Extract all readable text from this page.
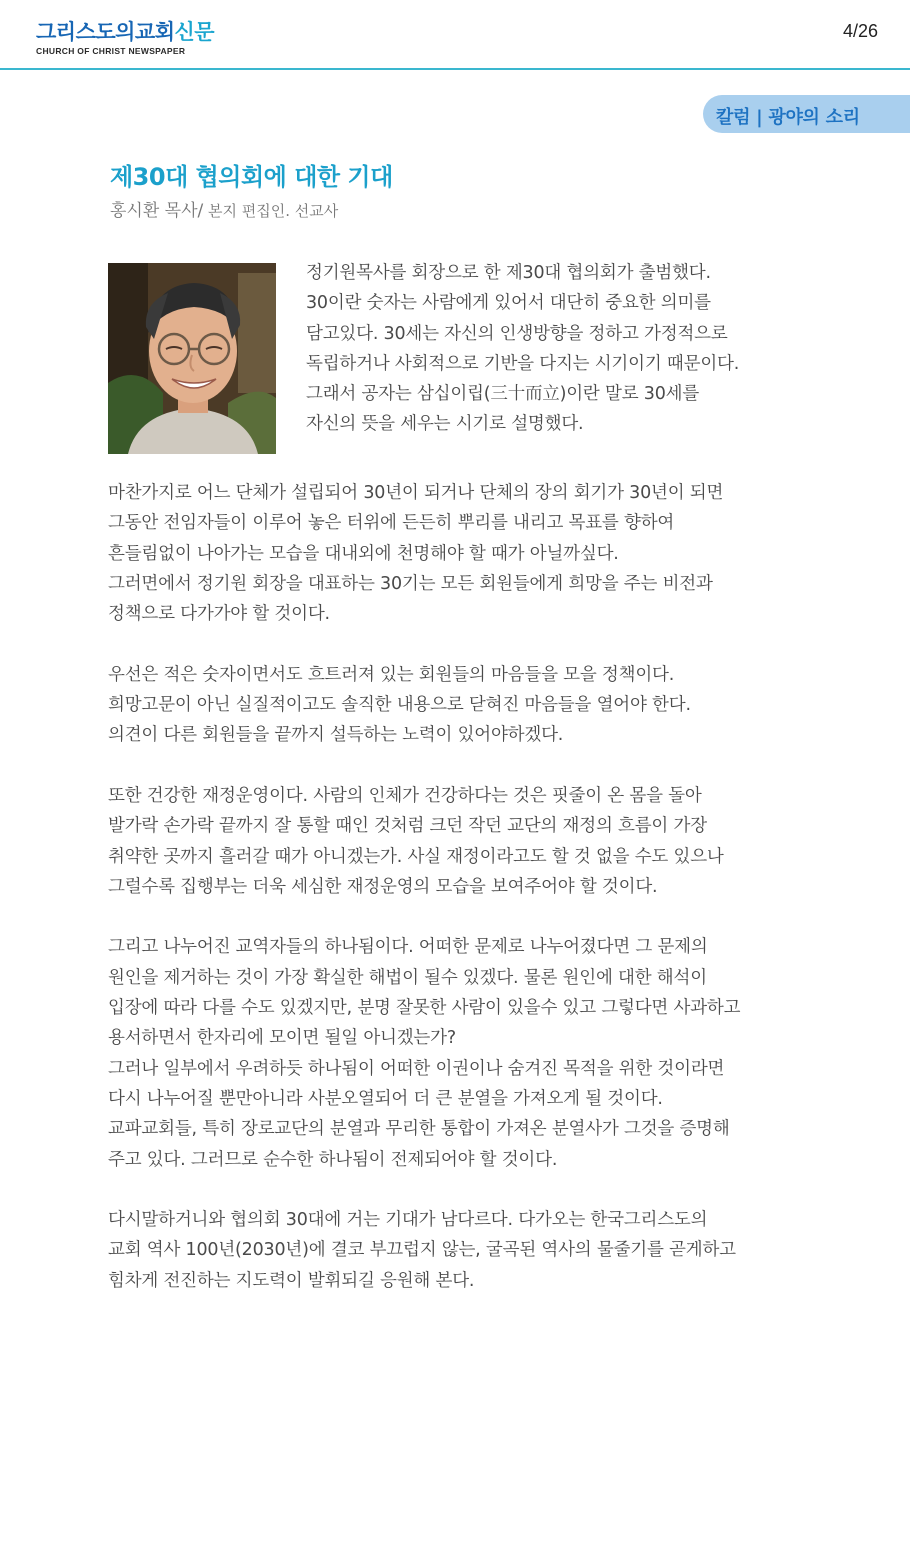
그리스도의교회신문
CHURCH OF CHRIST NEWSPAPER
4/26
칼럼 | 광야의 소리
제30대 협의회에 대한 기대
홍시환 목사/ 본지 편집인. 선교사
정기원목사를 회장으로 한 제30대 협의회가 출범했다.
30이란 숫자는 사람에게 있어서 대단히 중요한 의미를
담고있다. 30세는 자신의 인생방향을 정하고 가정적으로
독립하거나 사회적으로 기반을 다지는 시기이기 때문이다.
그래서 공자는 삼십이립(三十而立)이란 말로 30세를
자신의 뜻을 세우는 시기로 설명했다.
마찬가지로 어느 단체가 설립되어 30년이 되거나 단체의 장의 회기가 30년이 되면
그동안 전임자들이 이루어 놓은 터위에 든든히 뿌리를 내리고 목표를 향하여
흔들림없이 나아가는 모습을 대내외에 천명해야 할 때가 아닐까싶다.
그러면에서 정기원 회장을 대표하는 30기는 모든 회원들에게 희망을 주는 비전과
정책으로 다가가야 할 것이다.
우선은 적은 숫자이면서도 흐트러져 있는 회원들의 마음들을 모을 정책이다.
희망고문이 아닌 실질적이고도 솔직한 내용으로 닫혀진 마음들을 열어야 한다.
의견이 다른 회원들을 끝까지 설득하는 노력이 있어야하겠다.
또한 건강한 재정운영이다. 사람의 인체가 건강하다는 것은 핏줄이 온 몸을 돌아
발가락 손가락 끝까지 잘 통할 때인 것처럼 크던 작던 교단의 재정의 흐름이 가장
취약한 곳까지 흘러갈 때가 아니겠는가. 사실 재정이라고도 할 것 없을 수도 있으나
그럴수록 집행부는 더욱 세심한 재정운영의 모습을 보여주어야 할 것이다.
그리고 나누어진 교역자들의 하나됨이다. 어떠한 문제로 나누어졌다면 그 문제의
원인을 제거하는 것이 가장 확실한 해법이 될수 있겠다. 물론 원인에 대한 해석이
입장에 따라 다를 수도 있겠지만, 분명 잘못한 사람이 있을수 있고 그렇다면 사과하고
용서하면서 한자리에 모이면 될일 아니겠는가?
그러나 일부에서 우려하듯 하나됨이 어떠한 이권이나 숨겨진 목적을 위한 것이라면
다시 나누어질 뿐만아니라 사분오열되어 더 큰 분열을 가져오게 될 것이다.
교파교회들, 특히 장로교단의 분열과 무리한 통합이 가져온 분열사가 그것을 증명해
주고 있다. 그러므로 순수한 하나됨이 전제되어야 할 것이다.
다시말하거니와 협의회 30대에 거는 기대가 남다르다. 다가오는 한국그리스도의
교회 역사 100년(2030년)에 결코 부끄럽지 않는, 굴곡된 역사의 물줄기를 곧게하고
힘차게 전진하는 지도력이 발휘되길 응원해 본다.
